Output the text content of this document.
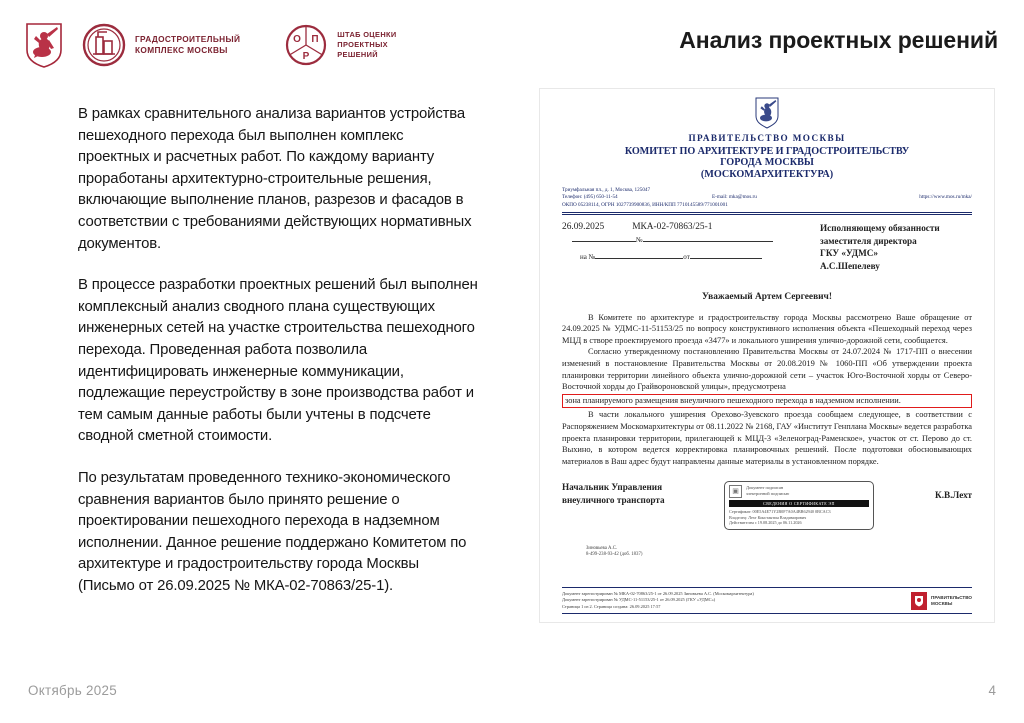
ГРАДОСТРОИТЕЛЬНЫЙ
КОМПЛЕКС МОСКВЫ
О П
Р
ШТАБ ОЦЕНКИ
ПРОЕКТНЫХ
РЕШЕНИЙ
Анализ проектных решений
В рамках сравнительного анализа вариантов устройства пешеходного перехода был выполнен комплекс проектных и расчетных работ. По каждому варианту проработаны архитектурно-строительные решения, включающие выполнение планов, разрезов и фасадов в соответствии с требованиями действующих нормативных документов.
В процессе разработки проектных решений был выполнен комплексный анализ сводного плана существующих инженерных сетей на участке строительства пешеходного перехода. Проведенная работа позволила идентифицировать инженерные коммуникации, подлежащие переустройству в зоне производства работ и тем самым данные работы были учтены в подсчете сводной сметной стоимости.
По результатам проведенного технико-экономического сравнения вариантов было принято решение о проектировании пешеходного перехода в надземном исполнении. Данное решение поддержано Комитетом по архитектуре и градостроительству города Москвы (Письмо от 26.09.2025 № МКА-02-70863/25-1).
ПРАВИТЕЛЬСТВО МОСКВЫ
КОМИТЕТ ПО АРХИТЕКТУРЕ И ГРАДОСТРОИТЕЛЬСТВУ
ГОРОДА МОСКВЫ
(МОСКОМАРХИТЕКТУРА)
Триумфальная пл., д. 1, Москва, 125047
Телефон: (495) 650-11-54	E-mail: mka@mos.ru	https://www.mos.ru/mka/
ОКПО 05238114, ОГРН 1027739900836, ИНН/КПП 7710145589/771001001
26.09.2025	МКА-02-70863/25-1
№
на №	от
Исполняющему обязанности
заместителя директора
ГКУ «УДМС»
А.С.Шепелеву
Уважаемый Артем Сергеевич!

В Комитете по архитектуре и градостроительству города Москвы рассмотрено Ваше обращение от 24.09.2025 № УДМС-11-51153/25 по вопросу конструктивного исполнения объекта «Пешеходный переход через МЦД в створе проектируемого проезда «3477» и локального уширения улично-дорожной сети, сообщается.

Согласно утвержденному постановлению Правительства Москвы от 24.07.2024 № 1717-ПП о внесении изменений в постановление Правительства Москвы от 20.08.2019 № 1060-ПП «Об утверждении проекта планировки территории линейного объекта улично-дорожной сети – участок Юго-Восточной хорды от Северо-Восточной хорды до Грайвороновской улицы», предусмотрена

зона планируемого размещения внеуличного пешеходного перехода в надземном исполнении.

В части локального уширения Орехово-Зуевского проезда сообщаем следующее, в соответствии с Распоряжением Москомархитектуры от 08.11.2022 № 2168, ГАУ «Институт Генплана Москвы» ведется разработка проекта планировки территории, прилегающей к МЦД-3 «Зеленоград-Раменское», участок от ст. Перово до ст. Выхино, в котором ведется корректировка планировочных решений. После подготовки обосновывающих материалов в Ваш адрес будут направлены данные материалы в установленном порядке.

Начальник Управления
внеуличного транспорта
▣	Документ подписан
электронной подписью
СВЕДЕНИЯ О СЕРТИФИКАТЕ ЭП
Сертификат: 00E5A4E71Y2B0F7A0A4BB62940 0BCAC3
Владелец: Лехт Константин Владимирович
Действителен с 19.08.2025 до 06.11.2026
К.В.Лехт
Зиновьева А.С.
8-499-238-93-42 (доб. 1837)
Документ зарегистрирован № МКА-02-70863/25-1 от 26.09.2025 Зиновьева А.С. (Москомархитектура)
Документ зарегистрирован № УДМС-11-51153/25-1 от 26.09.2025 (ГКУ «УДМС»)
Страница 1 из 2. Страница создана: 26.09.2025 17:57
ПРАВИТЕЛЬСТВО
МОСКВЫ
Октябрь 2025	4
